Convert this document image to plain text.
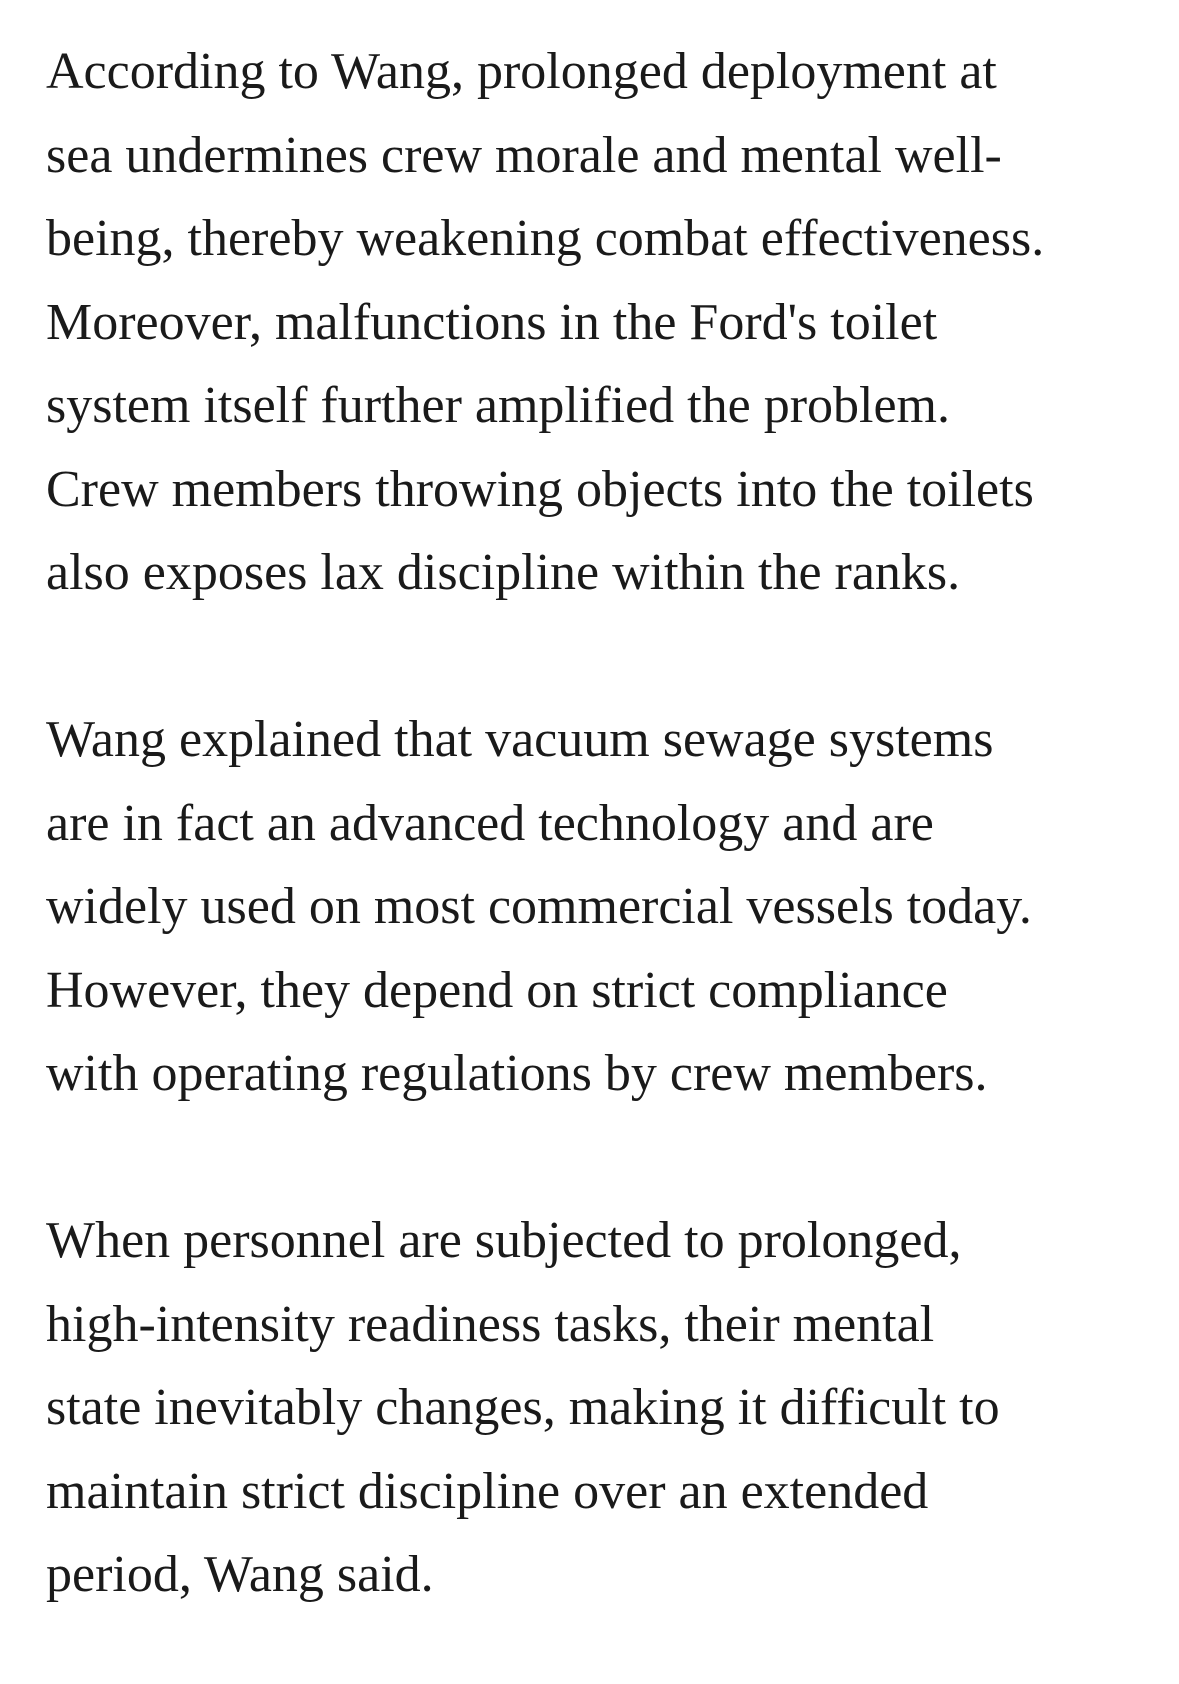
According to Wang, prolonged deployment at
sea undermines crew morale and mental well-
being, thereby weakening combat effectiveness.
Moreover, malfunctions in the Ford's toilet
system itself further amplified the problem.
Crew members throwing objects into the toilets
also exposes lax discipline within the ranks.

Wang explained that vacuum sewage systems
are in fact an advanced technology and are
widely used on most commercial vessels today.
However, they depend on strict compliance
with operating regulations by crew members.

When personnel are subjected to prolonged,
high-intensity readiness tasks, their mental
state inevitably changes, making it difficult to
maintain strict discipline over an extended
period, Wang said.
